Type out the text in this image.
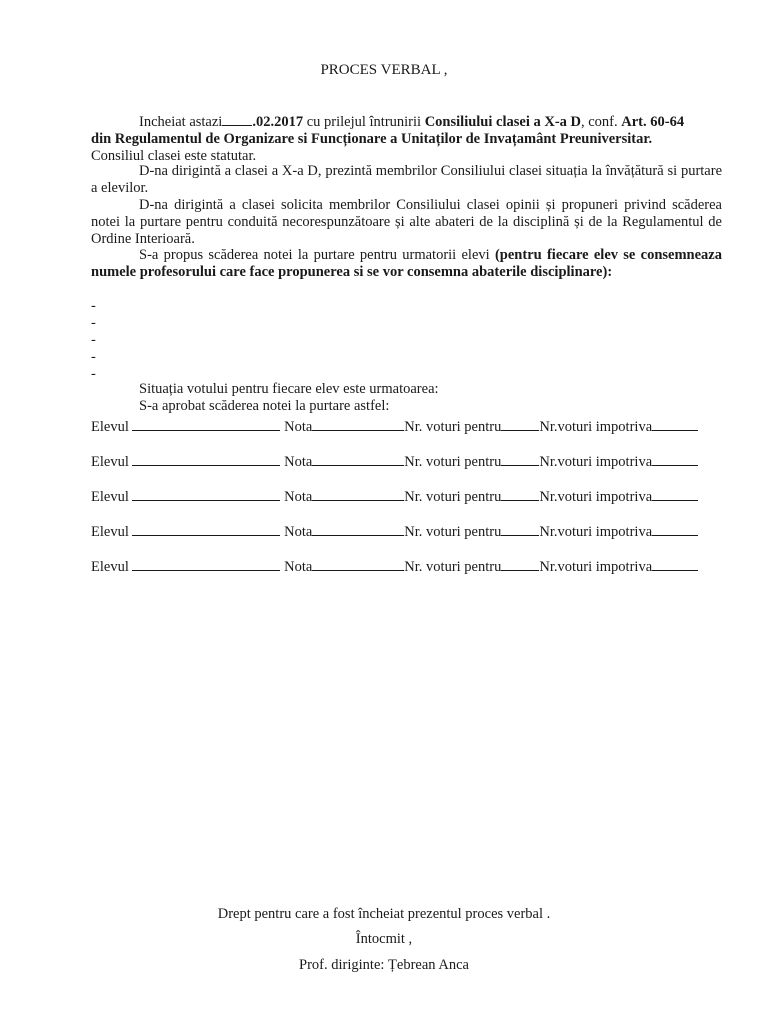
PROCES VERBAL ,
Incheiat astazi .02.2017 cu prilejul întrunirii Consiliului clasei a X-a D, conf. Art. 60-64
din Regulamentul de Organizare si Funcționare a Unitaților de Invațamânt Preuniversitar.
Consiliul clasei este statutar.
D-na dirigintă a clasei a X-a D, prezintă membrilor Consiliului clasei situația la învățătură si purtare a elevilor.
D-na dirigintă a clasei solicita membrilor Consiliului clasei opinii și propuneri privind scăderea notei la purtare pentru conduită necorespunzătoare și alte abateri de la disciplină și de la Regulamentul de Ordine Interioară.
S-a propus scăderea notei la purtare pentru urmatorii elevi (pentru fiecare elev se consemneaza numele profesorului care face propunerea si se vor consemna abaterile disciplinare):
-
-
-
-
-
Situația votului pentru fiecare elev este urmatoarea:
S-a aprobat scăderea notei la purtare astfel:
Elevul	Nota	Nr. voturi pentru	Nr.voturi impotriva
Elevul	Nota	Nr. voturi pentru	Nr.voturi impotriva
Elevul	Nota	Nr. voturi pentru	Nr.voturi impotriva
Elevul	Nota	Nr. voturi pentru	Nr.voturi impotriva
Elevul	Nota	Nr. voturi pentru	Nr.voturi impotriva
Drept pentru care a fost încheiat prezentul proces verbal .
Întocmit ,
Prof. diriginte: Țebrean Anca
